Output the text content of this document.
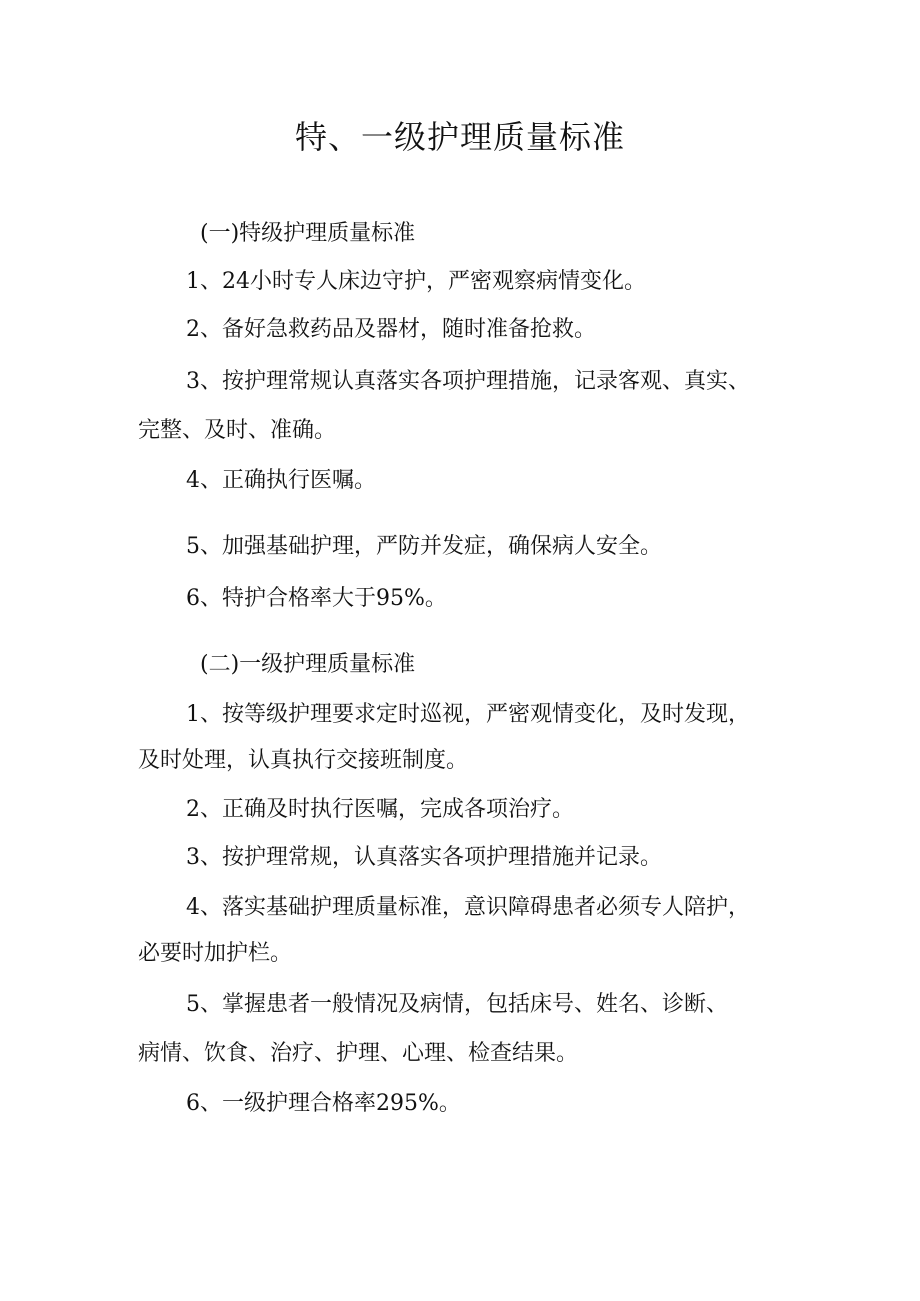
特、一级护理质量标准
(一)特级护理质量标准
1、24小时专人床边守护，严密观察病情变化。
2、备好急救药品及器材，随时准备抢救。
3、按护理常规认真落实各项护理措施，记录客观、真实、
完整、及时、准确。
4、正确执行医嘱。
5、加强基础护理，严防并发症，确保病人安全。
6、特护合格率大于95%。
(二)一级护理质量标准
1、按等级护理要求定时巡视，严密观情变化，及时发现，
及时处理，认真执行交接班制度。
2、正确及时执行医嘱，完成各项治疗。
3、按护理常规，认真落实各项护理措施并记录。
4、落实基础护理质量标准，意识障碍患者必须专人陪护，
必要时加护栏。
5、掌握患者一般情况及病情，包括床号、姓名、诊断、
病情、饮食、治疗、护理、心理、检查结果。
6、一级护理合格率295%。
